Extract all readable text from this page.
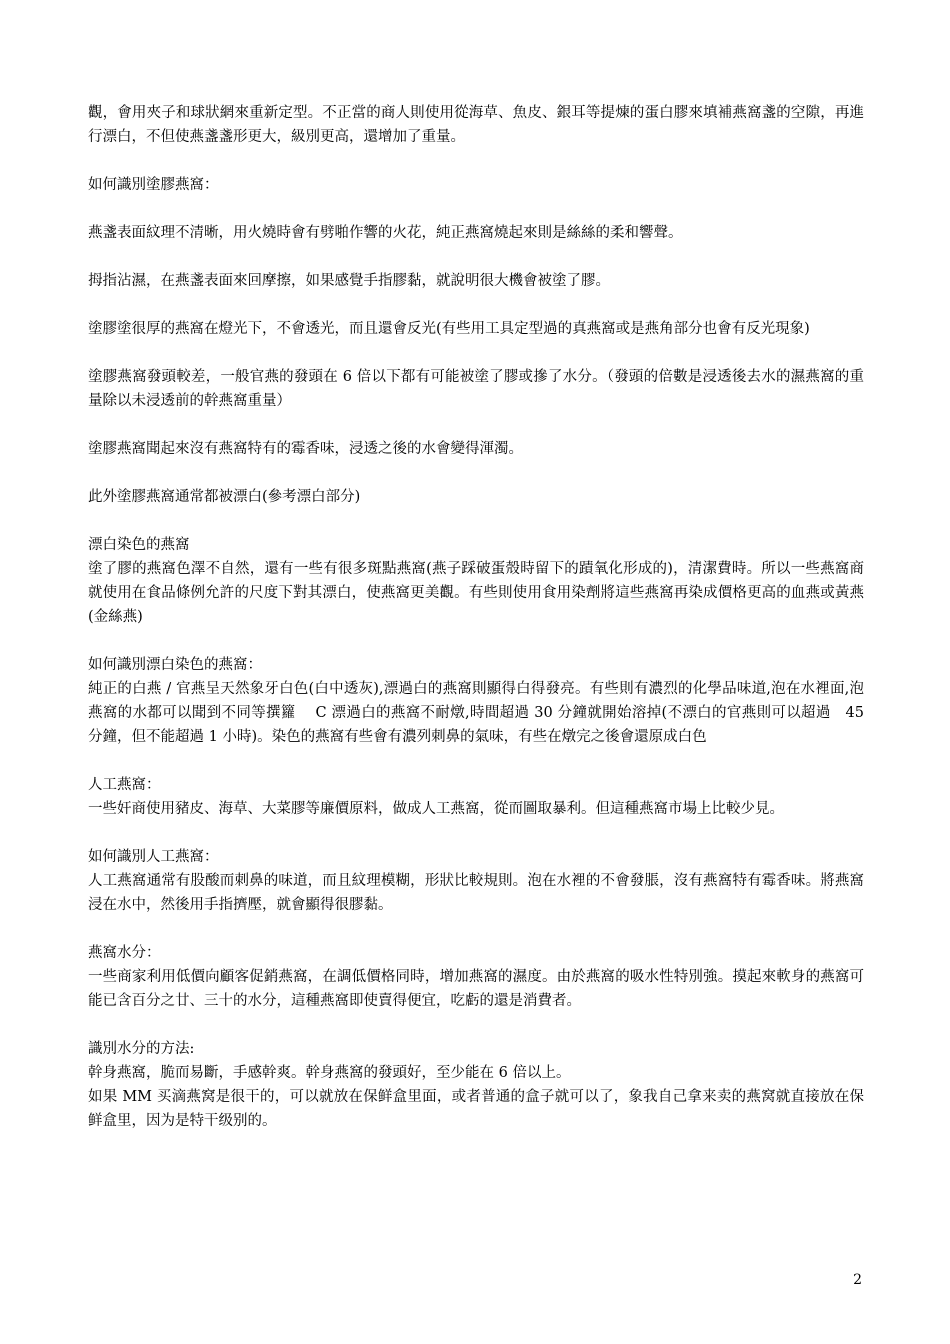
觀，會用夾子和球狀網來重新定型。不正當的商人則使用從海草、魚皮、銀耳等提煉的蛋白膠來填補燕窩盞的空隙，再進行漂白，不但使燕盞盞形更大，級別更高，還增加了重量。

如何識別塗膠燕窩：

燕盞表面紋理不清晰，用火燒時會有劈啪作響的火花，純正燕窩燒起來則是絲絲的柔和響聲。

拇指沾濕，在燕盞表面來回摩擦，如果感覺手指膠黏，就說明很大機會被塗了膠。

塗膠塗很厚的燕窩在燈光下，不會透光，而且還會反光(有些用工具定型過的真燕窩或是燕角部分也會有反光現象)

塗膠燕窩發頭較差，一般官燕的發頭在 6 倍以下都有可能被塗了膠或摻了水分。（發頭的倍數是浸透後去水的濕燕窩的重量除以未浸透前的幹燕窩重量）

塗膠燕窩聞起來沒有燕窩特有的霉香味，浸透之後的水會變得渾濁。

此外塗膠燕窩通常都被漂白(參考漂白部分)

漂白染色的燕窩

塗了膠的燕窩色澤不自然，還有一些有很多斑點燕窩(燕子踩破蛋殼時留下的蹟氧化形成的)，清潔費時。所以一些燕窩商就使用在食品條例允許的尺度下對其漂白，使燕窩更美觀。有些則使用食用染劑將這些燕窩再染成價格更高的血燕或黃燕(金絲燕)

如何識別漂白染色的燕窩：

純正的白燕 / 官燕呈天然象牙白色(白中透灰),漂過白的燕窩則顯得白得發亮。有些則有濃烈的化學品味道,泡在水裡面,泡燕窩的水都可以聞到不同等撰籮　 C 漂過白的燕窩不耐燉,時間超過 30 分鐘就開始溶掉(不漂白的官燕則可以超過　45　分鐘，但不能超過 1 小時)。染色的燕窩有些會有濃列刺鼻的氣味，有些在燉完之後會還原成白色

人工燕窩：

一些奸商使用豬皮、海草、大菜膠等廉價原料，做成人工燕窩，從而圖取暴利。但這種燕窩市場上比較少見。

如何識別人工燕窩：

人工燕窩通常有股酸而刺鼻的味道，而且紋理模糊，形狀比較規則。泡在水裡的不會發脹，沒有燕窩特有霉香味。將燕窩浸在水中，然後用手指擠壓，就會顯得很膠黏。

燕窩水分：

一些商家利用低價向顧客促銷燕窩，在調低價格同時，增加燕窩的濕度。由於燕窩的吸水性特別強。摸起來軟身的燕窩可能已含百分之廿、三十的水分，這種燕窩即使賣得便宜，吃虧的還是消費者。

識別水分的方法:

幹身燕窩，脆而易斷，手感幹爽。幹身燕窩的發頭好，至少能在 6 倍以上。

如果 MM 买滴燕窝是很干的，可以就放在保鲜盒里面，或者普通的盒子就可以了，象我自己拿来卖的燕窝就直接放在保鲜盒里，因为是特干级别的。

2
